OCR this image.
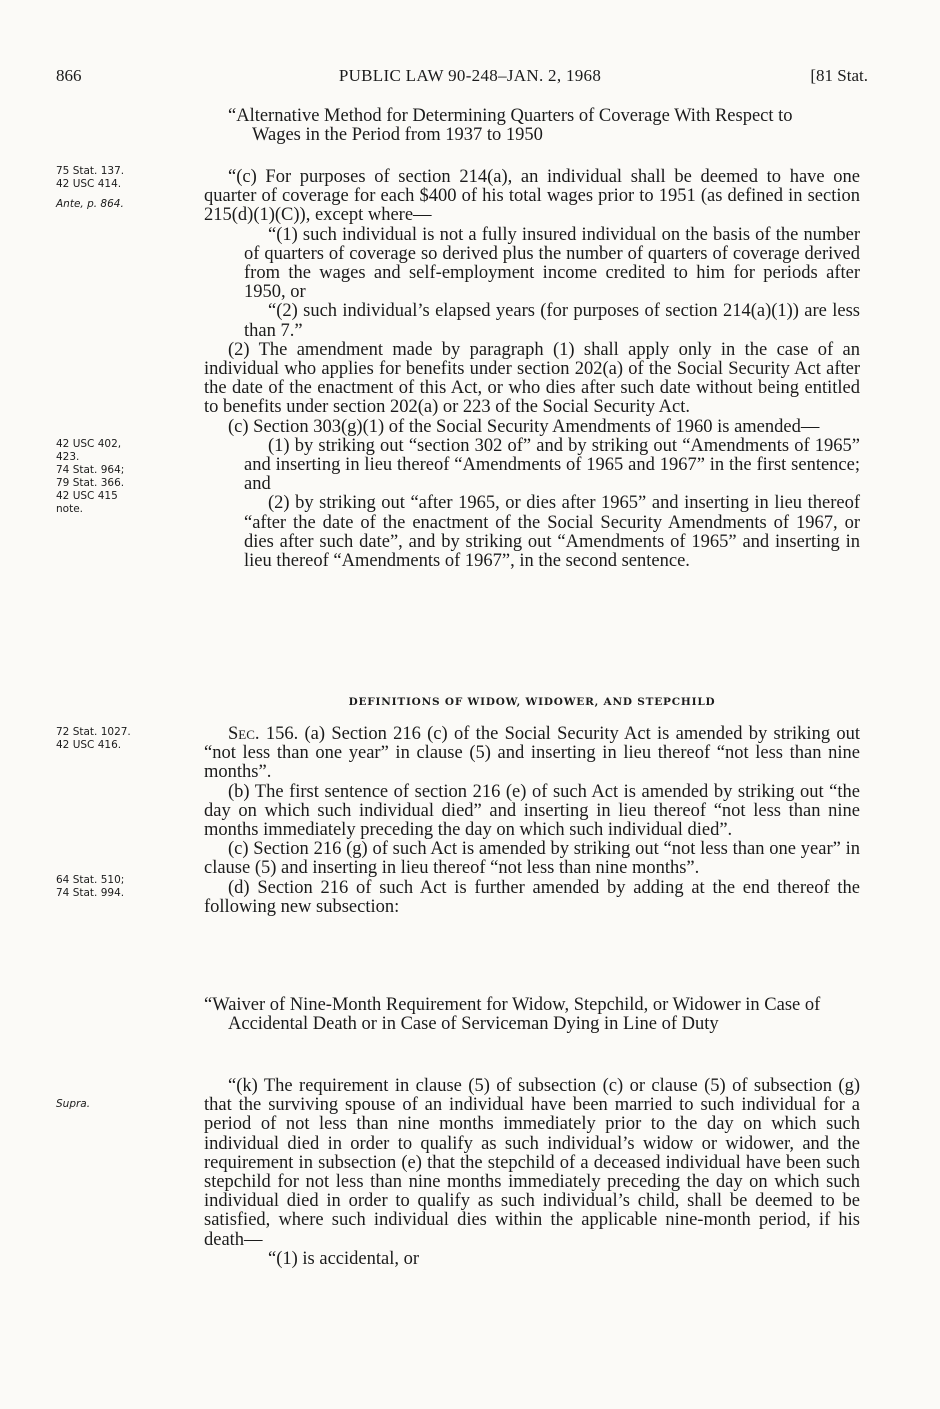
866	PUBLIC LAW 90-248–JAN. 2, 1968	[81 Stat.
75 Stat. 137.
42 USC 414.
Ante, p. 864.
42 USC 402,
423.
74 Stat. 964;
79 Stat. 366.
42 USC 415
note.
72 Stat. 1027.
42 USC 416.
64 Stat. 510;
74 Stat. 994.
Supra.

“Alternative Method for Determining Quarters of Coverage With Respect to Wages in the Period from 1937 to 1950

“(c) For purposes of section 214(a), an individual shall be deemed to have one quarter of coverage for each $400 of his total wages prior to 1951 (as defined in section 215(d)(1)(C)), except where—

“(1) such individual is not a fully insured individual on the basis of the number of quarters of coverage so derived plus the number of quarters of coverage derived from the wages and self-employment income credited to him for periods after 1950, or

“(2) such individual’s elapsed years (for purposes of section 214(a)(1)) are less than 7.”

(2) The amendment made by paragraph (1) shall apply only in the case of an individual who applies for benefits under section 202(a) of the Social Security Act after the date of the enactment of this Act, or who dies after such date without being entitled to benefits under section 202(a) or 223 of the Social Security Act.

(c) Section 303(g)(1) of the Social Security Amendments of 1960 is amended—

(1) by striking out “section 302 of” and by striking out “Amendments of 1965” and inserting in lieu thereof “Amendments of 1965 and 1967” in the first sentence; and

(2) by striking out “after 1965, or dies after 1965” and inserting in lieu thereof “after the date of the enactment of the Social Security Amendments of 1967, or dies after such date”, and by striking out “Amendments of 1965” and inserting in lieu thereof “Amendments of 1967”, in the second sentence.

DEFINITIONS OF WIDOW, WIDOWER, AND STEPCHILD

Sec. 156. (a) Section 216 (c) of the Social Security Act is amended by striking out “not less than one year” in clause (5) and inserting in lieu thereof “not less than nine months”.

(b) The first sentence of section 216 (e) of such Act is amended by striking out “the day on which such individual died” and inserting in lieu thereof “not less than nine months immediately preceding the day on which such individual died”.

(c) Section 216 (g) of such Act is amended by striking out “not less than one year” in clause (5) and inserting in lieu thereof “not less than nine months”.

(d) Section 216 of such Act is further amended by adding at the end thereof the following new subsection:

“Waiver of Nine-Month Requirement for Widow, Stepchild, or Widower in Case of Accidental Death or in Case of Serviceman Dying in Line of Duty

“(k) The requirement in clause (5) of subsection (c) or clause (5) of subsection (g) that the surviving spouse of an individual have been married to such individual for a period of not less than nine months immediately prior to the day on which such individual died in order to qualify as such individual’s widow or widower, and the requirement in subsection (e) that the stepchild of a deceased individual have been such stepchild for not less than nine months immediately preceding the day on which such individual died in order to qualify as such individual’s child, shall be deemed to be satisfied, where such individual dies within the applicable nine-month period, if his death—

“(1) is accidental, or
